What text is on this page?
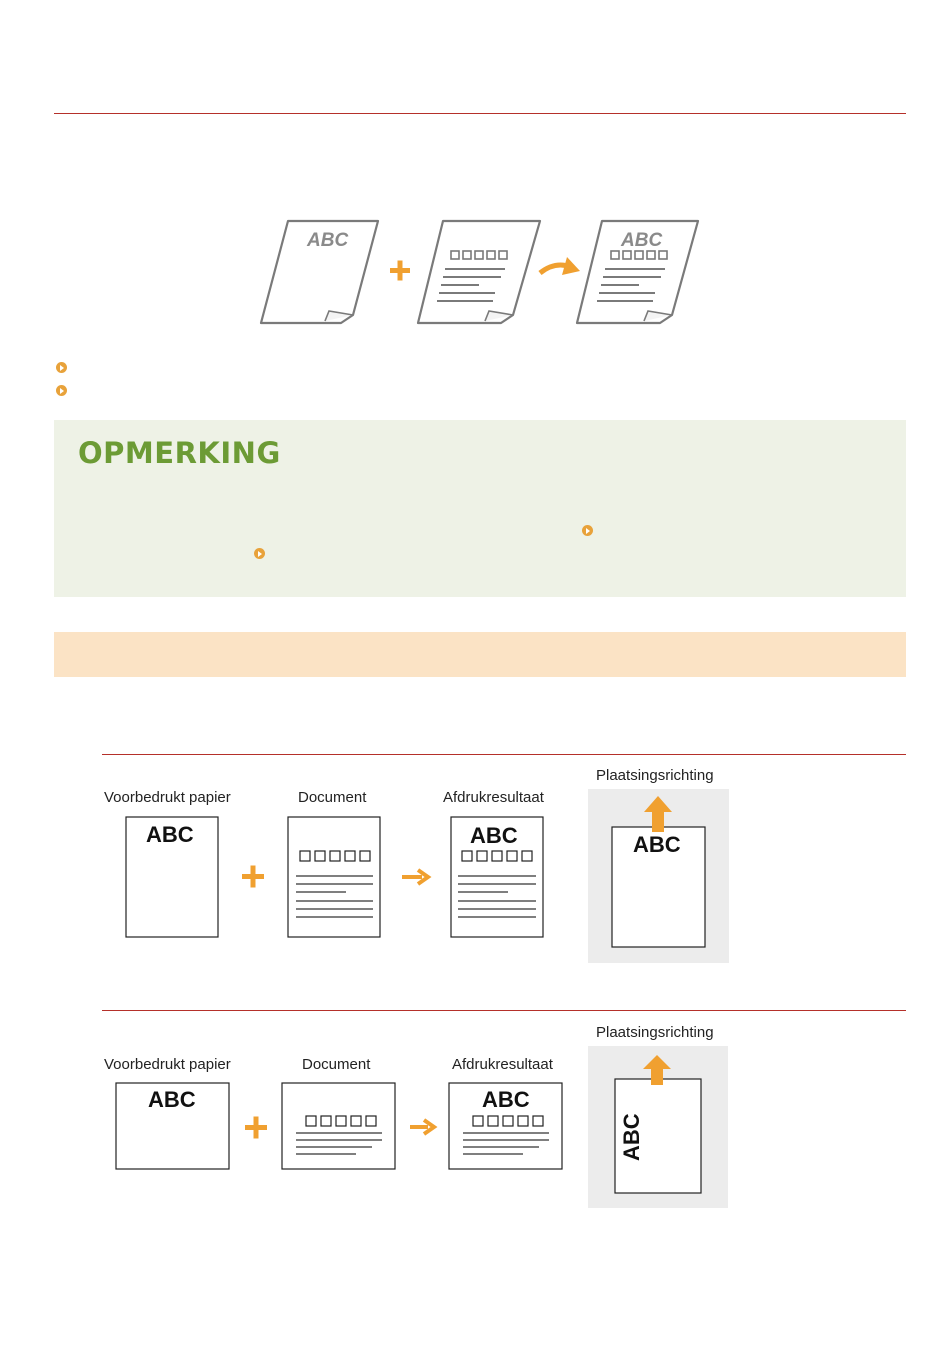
ABC	ABC
OPMERKING
Voorbedrukt papier	Document	Afdrukresultaat
Plaatsingsrichting
ABC	ABC	ABC
Voorbedrukt papier	Document	Afdrukresultaat
Plaatsingsrichting
ABC	ABC
ABC
